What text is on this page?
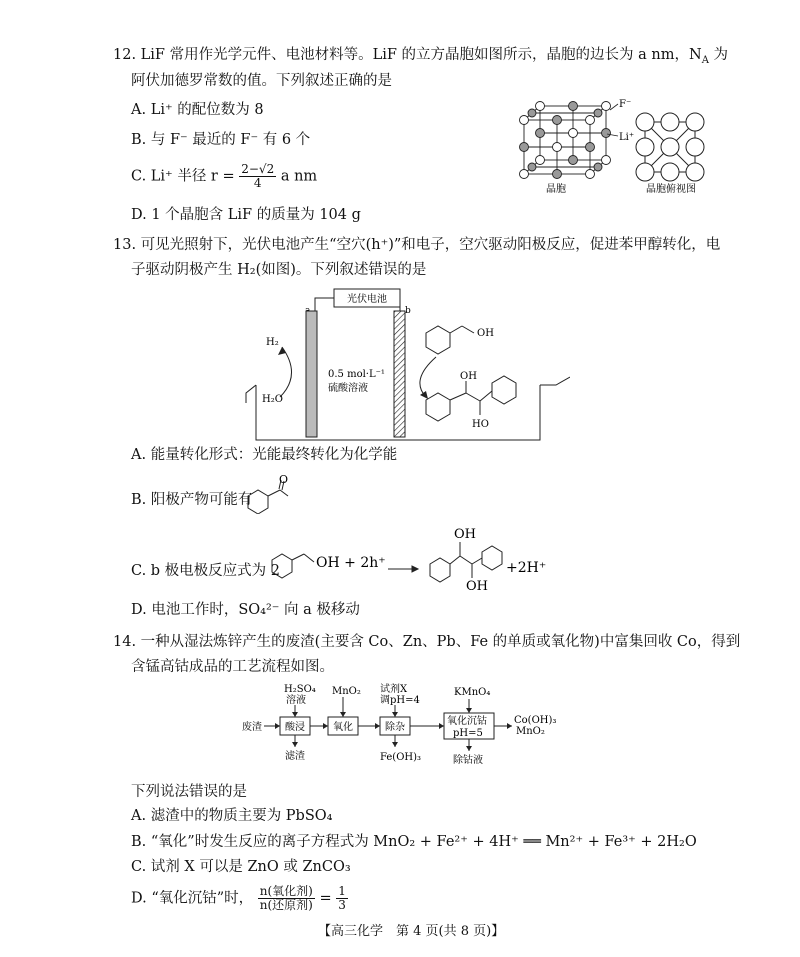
12. LiF 常用作光学元件、电池材料等。LiF 的立方晶胞如图所示，晶胞的边长为 a nm，$N_A$ 为
阿伏加德罗常数的值。下列叙述正确的是
A. Li⁺ 的配位数为 8
B. 与 F⁻ 最近的 F⁻ 有 6 个
C. Li⁺ 半径 $r = \frac{2-√2}{4}$ a nm
D. 1 个晶胞含 LiF 的质量为 104 g
F⁻
Li⁺
晶胞	晶胞俯视图
13. 可见光照射下，光伏电池产生“空穴(h⁺)”和电子，空穴驱动阳极反应，促进苯甲醇转化，电
子驱动阴极产生 H₂(如图)。下列叙述错误的是
光伏电池
b
H₂
H₂O
0.5 mol·L⁻¹
硫酸溶液
OH
OH
HO
A. 能量转化形式：光能最终转化为化学能
B. 阳极产物可能有
O
C. b 极电极反应式为 2	OH + 2h⁺
OH
OH
+2H⁺
D. 电池工作时，SO₄²⁻ 向 a 极移动
14. 一种从湿法炼锌产生的废渣(主要含 Co、Zn、Pb、Fe 的单质或氧化物)中富集回收 Co，得到
含锰高钴成品的工艺流程如图。
废渣
H₂SO₄
溶液
酸浸
滤渣
MnO₂
氧化
试剂X
调pH=4
除杂
Fe(OH)₃
KMnO₄
氧化沉钴
pH=5
除钴液
Co(OH)₃
MnO₂
下列说法错误的是
A. 滤渣中的物质主要为 PbSO₄
B. “氧化”时发生反应的离子方程式为 MnO₂ + Fe²⁺ + 4H⁺ ══ Mn²⁺ + Fe³⁺ + 2H₂O
C. 试剂 X 可以是 ZnO 或 ZnCO₃
D. “氧化沉钴”时， $\frac{\text{n(氧化剂)}}{\text{n(还原剂)}} = \frac{1}{3}$
【高三化学　第 4 页(共 8 页)】
